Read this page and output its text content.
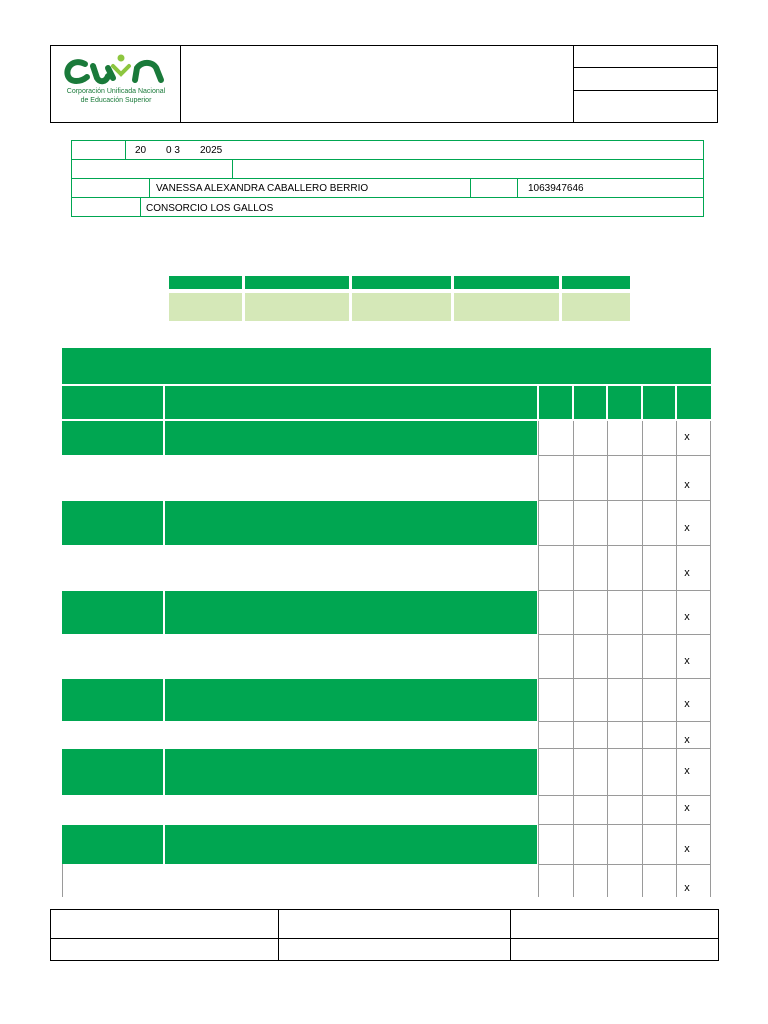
Corporación Unificada Nacional
de Educación Superior
20 0 3 2025
VANESSA ALEXANDRA CABALLERO BERRIO	1063947646
CONSORCIO LOS GALLOS
x
x
x
x
x
x
x
x
x
x
x
x
